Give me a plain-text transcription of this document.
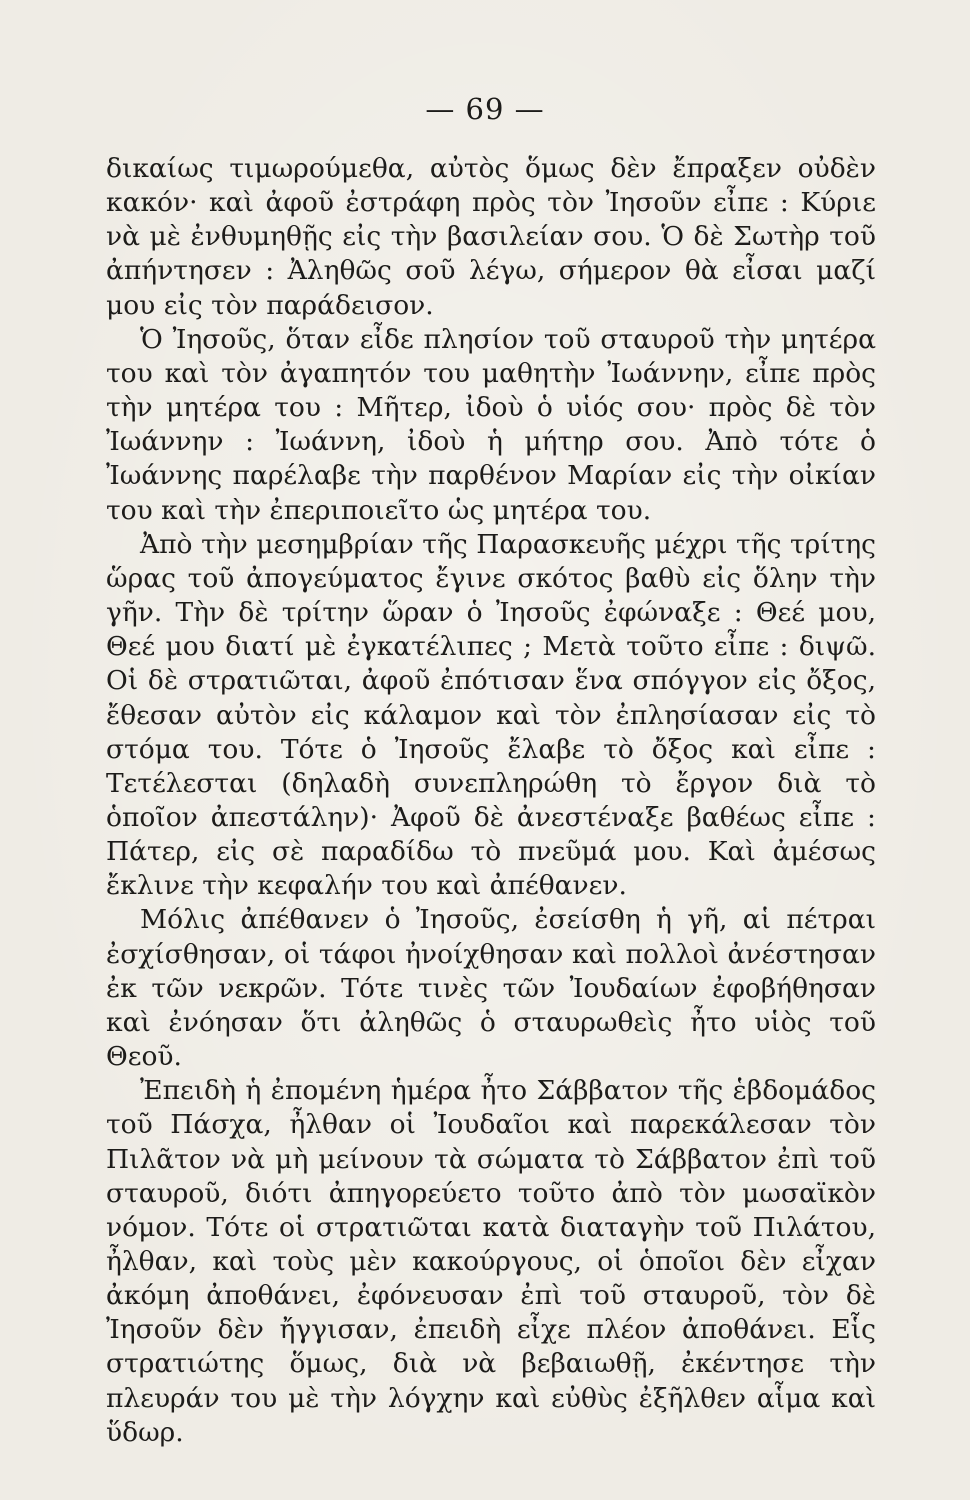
— 69 —

δικαίως τιμωρούμεθα, αὐτὸς ὅμως δὲν ἔπραξεν οὐδὲν κακόν· καὶ ἀφοῦ ἐστράφη πρὸς τὸν Ἰησοῦν εἶπε : Κύριε νὰ μὲ ἐνθυμηθῇς εἰς τὴν βασιλείαν σου. Ὁ δὲ Σωτὴρ τοῦ ἀπήντησεν : Ἀληθῶς σοῦ λέγω, σήμερον θὰ εἶσαι μαζί μου εἰς τὸν παράδεισον.

Ὁ Ἰησοῦς, ὅταν εἶδε πλησίον τοῦ σταυροῦ τὴν μητέρα του καὶ τὸν ἀγαπητόν του μαθητὴν Ἰωάννην, εἶπε πρὸς τὴν μητέρα του : Μῆτερ, ἰδοὺ ὁ υἱός σου· πρὸς δὲ τὸν Ἰωάννην : Ἰωάννη, ἰδοὺ ἡ μήτηρ σου. Ἀπὸ τότε ὁ Ἰωάννης παρέλαβε τὴν παρθένον Μαρίαν εἰς τὴν οἰκίαν του καὶ τὴν ἐπεριποιεῖτο ὡς μητέρα του.

Ἀπὸ τὴν μεσημβρίαν τῆς Παρασκευῆς μέχρι τῆς τρίτης ὥρας τοῦ ἀπογεύματος ἔγινε σκότος βαθὺ εἰς ὅλην τὴν γῆν. Τὴν δὲ τρίτην ὥραν ὁ Ἰησοῦς ἐφώναξε : Θεέ μου, Θεέ μου διατί μὲ ἐγκατέλιπες ; Μετὰ τοῦτο εἶπε : διψῶ. Οἱ δὲ στρατιῶται, ἀφοῦ ἐπότισαν ἕνα σπόγγον εἰς ὄξος, ἔθεσαν αὐτὸν εἰς κάλαμον καὶ τὸν ἐπλησίασαν εἰς τὸ στόμα του. Τότε ὁ Ἰησοῦς ἔλαβε τὸ ὄξος καὶ εἶπε : Τετέλεσται (δηλαδὴ συνεπληρώθη τὸ ἔργον διὰ τὸ ὁποῖον ἀπεστάλην)· Ἀφοῦ δὲ ἀνεστέναξε βαθέως εἶπε : Πάτερ, εἰς σὲ παραδίδω τὸ πνεῦμά μου. Καὶ ἀμέσως ἔκλινε τὴν κεφαλήν του καὶ ἀπέθανεν.

Μόλις ἀπέθανεν ὁ Ἰησοῦς, ἐσείσθη ἡ γῆ, αἱ πέτραι ἐσχίσθησαν, οἱ τάφοι ἠνοίχθησαν καὶ πολλοὶ ἀνέστησαν ἐκ τῶν νεκρῶν. Τότε τινὲς τῶν Ἰουδαίων ἐφοβήθησαν καὶ ἐνόησαν ὅτι ἀληθῶς ὁ σταυρωθεὶς ἦτο υἱὸς τοῦ Θεοῦ.

Ἐπειδὴ ἡ ἐπομένη ἡμέρα ἦτο Σάββατον τῆς ἑβδομάδος τοῦ Πάσχα, ἦλθαν οἱ Ἰουδαῖοι καὶ παρεκάλεσαν τὸν Πιλᾶτον νὰ μὴ μείνουν τὰ σώματα τὸ Σάββατον ἐπὶ τοῦ σταυροῦ, διότι ἀπηγορεύετο τοῦτο ἀπὸ τὸν μωσαϊκὸν νόμον. Τότε οἱ στρατιῶται κατὰ διαταγὴν τοῦ Πιλάτου, ἦλθαν, καὶ τοὺς μὲν κακούργους, οἱ ὁποῖοι δὲν εἶχαν ἀκόμη ἀποθάνει, ἐφόνευσαν ἐπὶ τοῦ σταυροῦ, τὸν δὲ Ἰησοῦν δὲν ἤγγισαν, ἐπειδὴ εἶχε πλέον ἀποθάνει. Εἷς στρατιώτης ὅμως, διὰ νὰ βεβαιωθῇ, ἐκέντησε τὴν πλευράν του μὲ τὴν λόγχην καὶ εὐθὺς ἐξῆλθεν αἷμα καὶ ὕδωρ.
